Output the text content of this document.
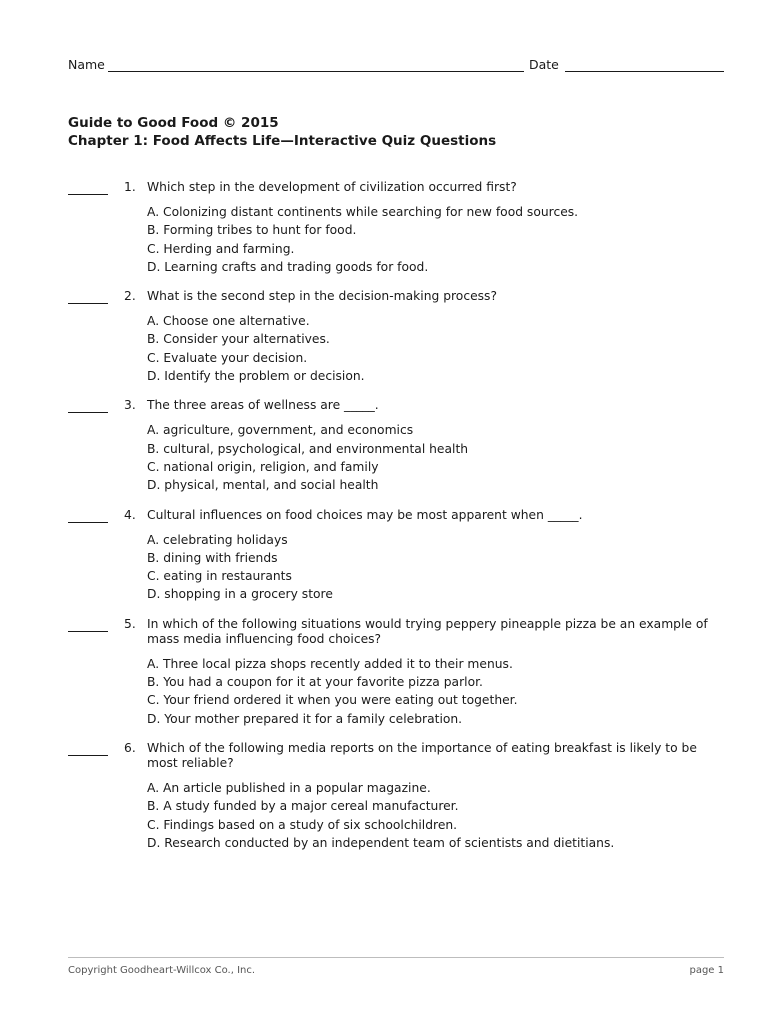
Name	Date
Guide to Good Food © 2015
Chapter 1: Food Affects Life—Interactive Quiz Questions
1. Which step in the development of civilization occurred first?
A. Colonizing distant continents while searching for new food sources.
B. Forming tribes to hunt for food.
C. Herding and farming.
D. Learning crafts and trading goods for food.
2. What is the second step in the decision-making process?
A. Choose one alternative.
B. Consider your alternatives.
C. Evaluate your decision.
D. Identify the problem or decision.
3. The three areas of wellness are _____.
A. agriculture, government, and economics
B. cultural, psychological, and environmental health
C. national origin, religion, and family
D. physical, mental, and social health
4. Cultural influences on food choices may be most apparent when _____.
A. celebrating holidays
B. dining with friends
C. eating in restaurants
D. shopping in a grocery store
5. In which of the following situations would trying peppery pineapple pizza be an example of mass media influencing food choices?
A. Three local pizza shops recently added it to their menus.
B. You had a coupon for it at your favorite pizza parlor.
C. Your friend ordered it when you were eating out together.
D. Your mother prepared it for a family celebration.
6. Which of the following media reports on the importance of eating breakfast is likely to be most reliable?
A. An article published in a popular magazine.
B. A study funded by a major cereal manufacturer.
C. Findings based on a study of six schoolchildren.
D. Research conducted by an independent team of scientists and dietitians.
Copyright Goodheart-Willcox Co., Inc.	page 1
